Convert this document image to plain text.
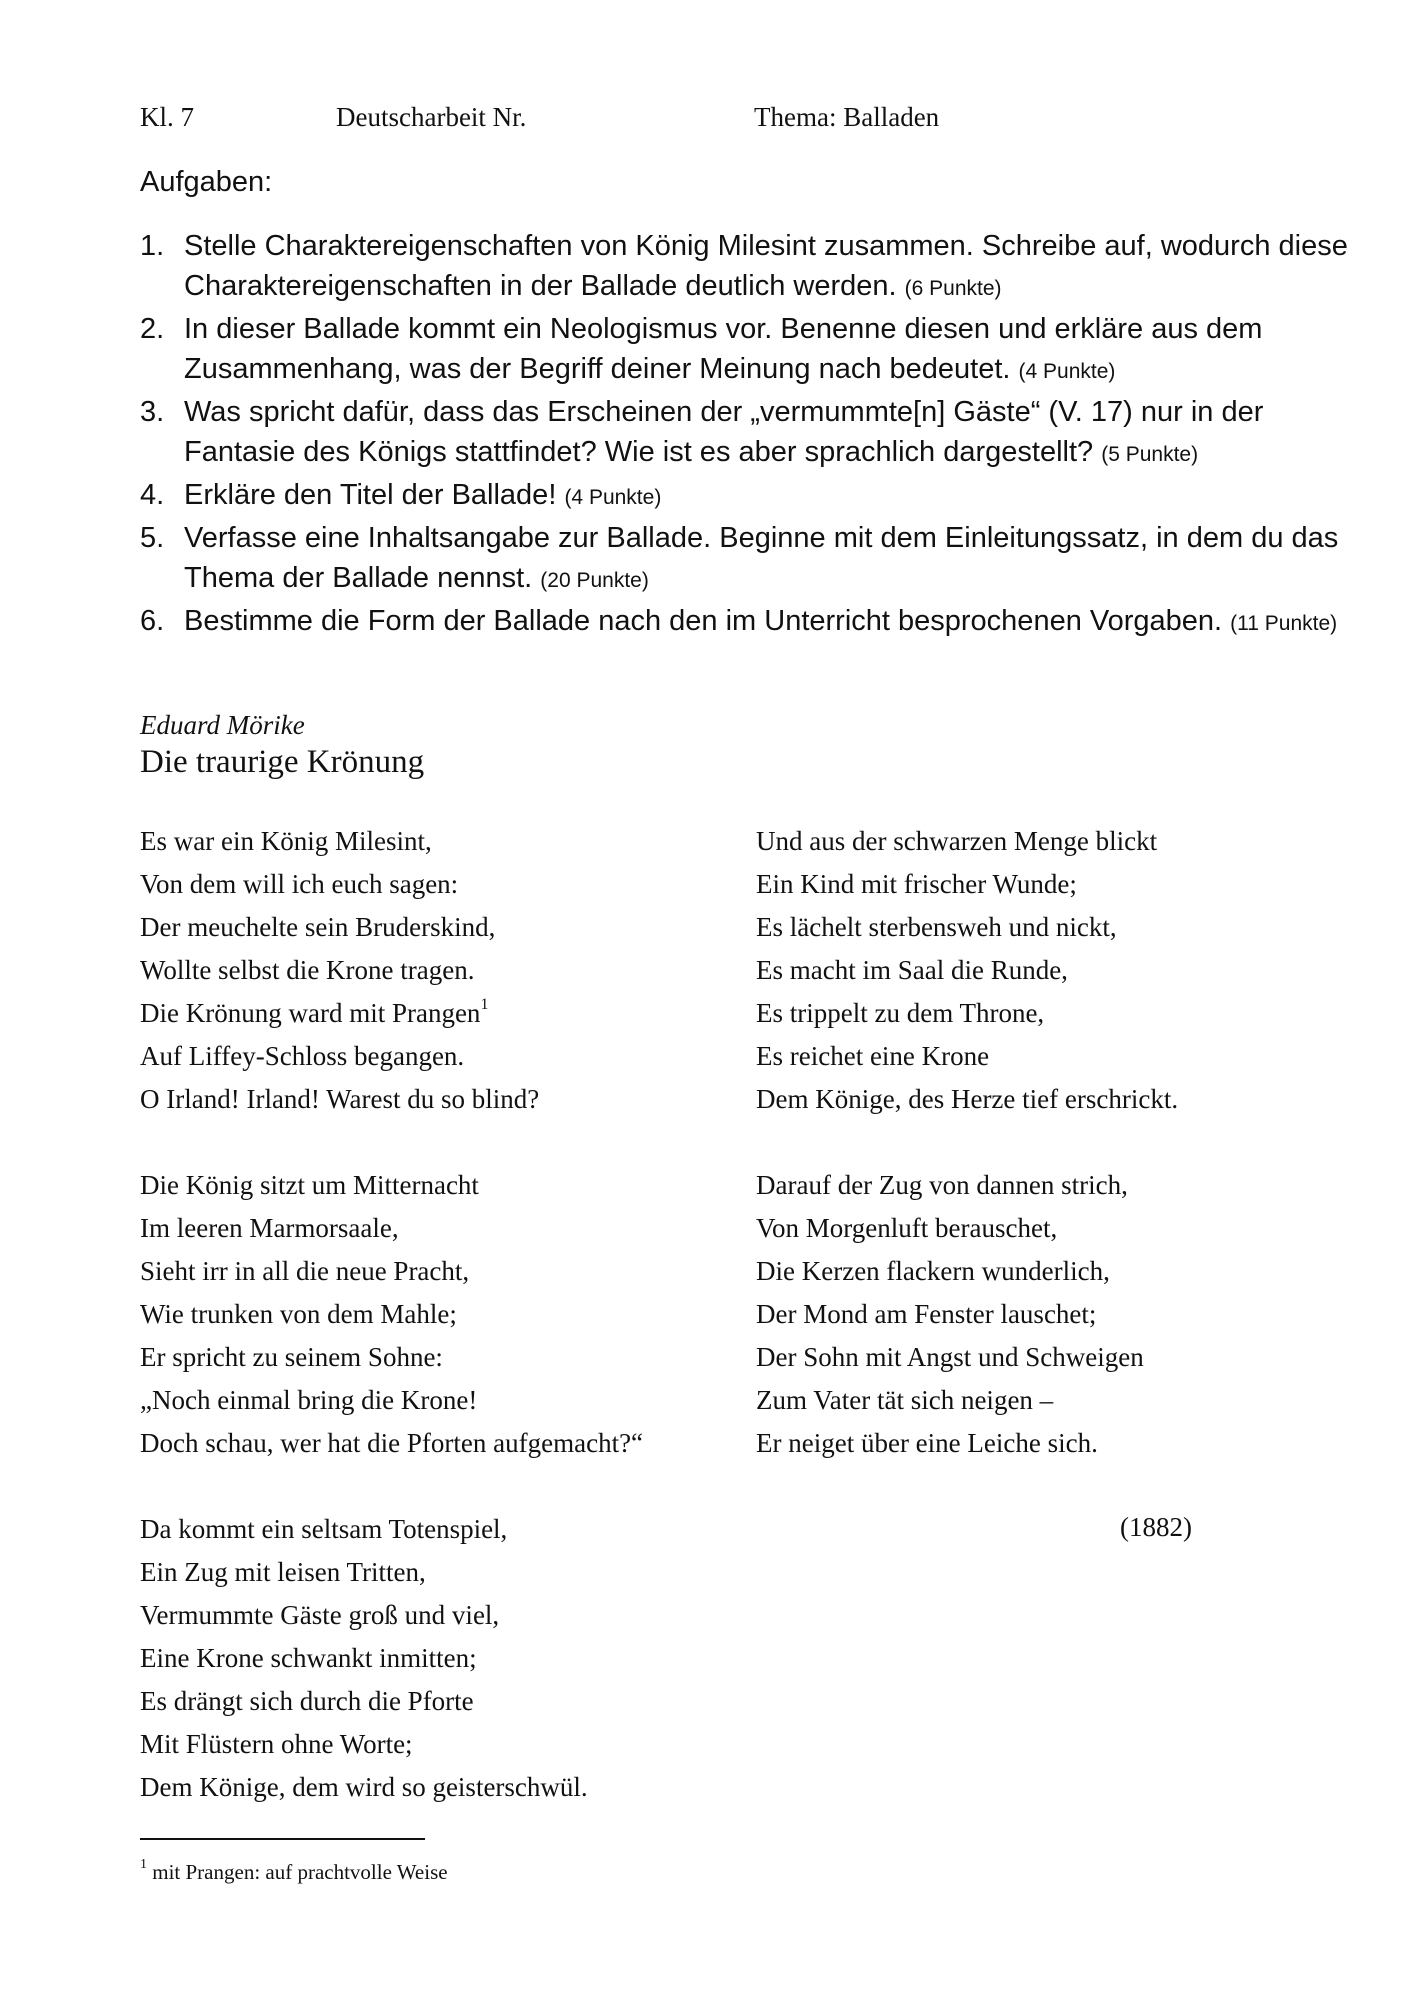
Kl. 7	Deutscharbeit Nr.	Thema: Balladen
Aufgaben:
1. Stelle Charaktereigenschaften von König Milesint zusammen. Schreibe auf, wodurch diese Charaktereigenschaften in der Ballade deutlich werden. (6 Punkte)
2. In dieser Ballade kommt ein Neologismus vor. Benenne diesen und erkläre aus dem Zusammenhang, was der Begriff deiner Meinung nach bedeutet. (4 Punkte)
3. Was spricht dafür, dass das Erscheinen der „vermummte[n] Gäste“ (V. 17) nur in der Fantasie des Königs stattfindet? Wie ist es aber sprachlich dargestellt? (5 Punkte)
4. Erkläre den Titel der Ballade! (4 Punkte)
5. Verfasse eine Inhaltsangabe zur Ballade. Beginne mit dem Einleitungssatz, in dem du das Thema der Ballade nennst. (20 Punkte)
6. Bestimme die Form der Ballade nach den im Unterricht besprochenen Vorgaben. (11 Punkte)
Eduard Mörike
Die traurige Krönung
Es war ein König Milesint,
Von dem will ich euch sagen:
Der meuchelte sein Bruderskind,
Wollte selbst die Krone tragen.
Die Krönung ward mit Prangen$^1$
Auf Liffey-Schloss begangen.
O Irland! Irland! Warest du so blind?
Die König sitzt um Mitternacht
Im leeren Marmorsaale,
Sieht irr in all die neue Pracht,
Wie trunken von dem Mahle;
Er spricht zu seinem Sohne:
„Noch einmal bring die Krone!
Doch schau, wer hat die Pforten aufgemacht?“
Da kommt ein seltsam Totenspiel,
Ein Zug mit leisen Tritten,
Vermummte Gäste groß und viel,
Eine Krone schwankt inmitten;
Es drängt sich durch die Pforte
Mit Flüstern ohne Worte;
Dem Könige, dem wird so geisterschwül.
Und aus der schwarzen Menge blickt
Ein Kind mit frischer Wunde;
Es lächelt sterbensweh und nickt,
Es macht im Saal die Runde,
Es trippelt zu dem Throne,
Es reichet eine Krone
Dem Könige, des Herze tief erschrickt.
Darauf der Zug von dannen strich,
Von Morgenluft berauschet,
Die Kerzen flackern wunderlich,
Der Mond am Fenster lauschet;
Der Sohn mit Angst und Schweigen
Zum Vater tät sich neigen –
Er neiget über eine Leiche sich.
(1882)
$^1$ mit Prangen: auf prachtvolle Weise
